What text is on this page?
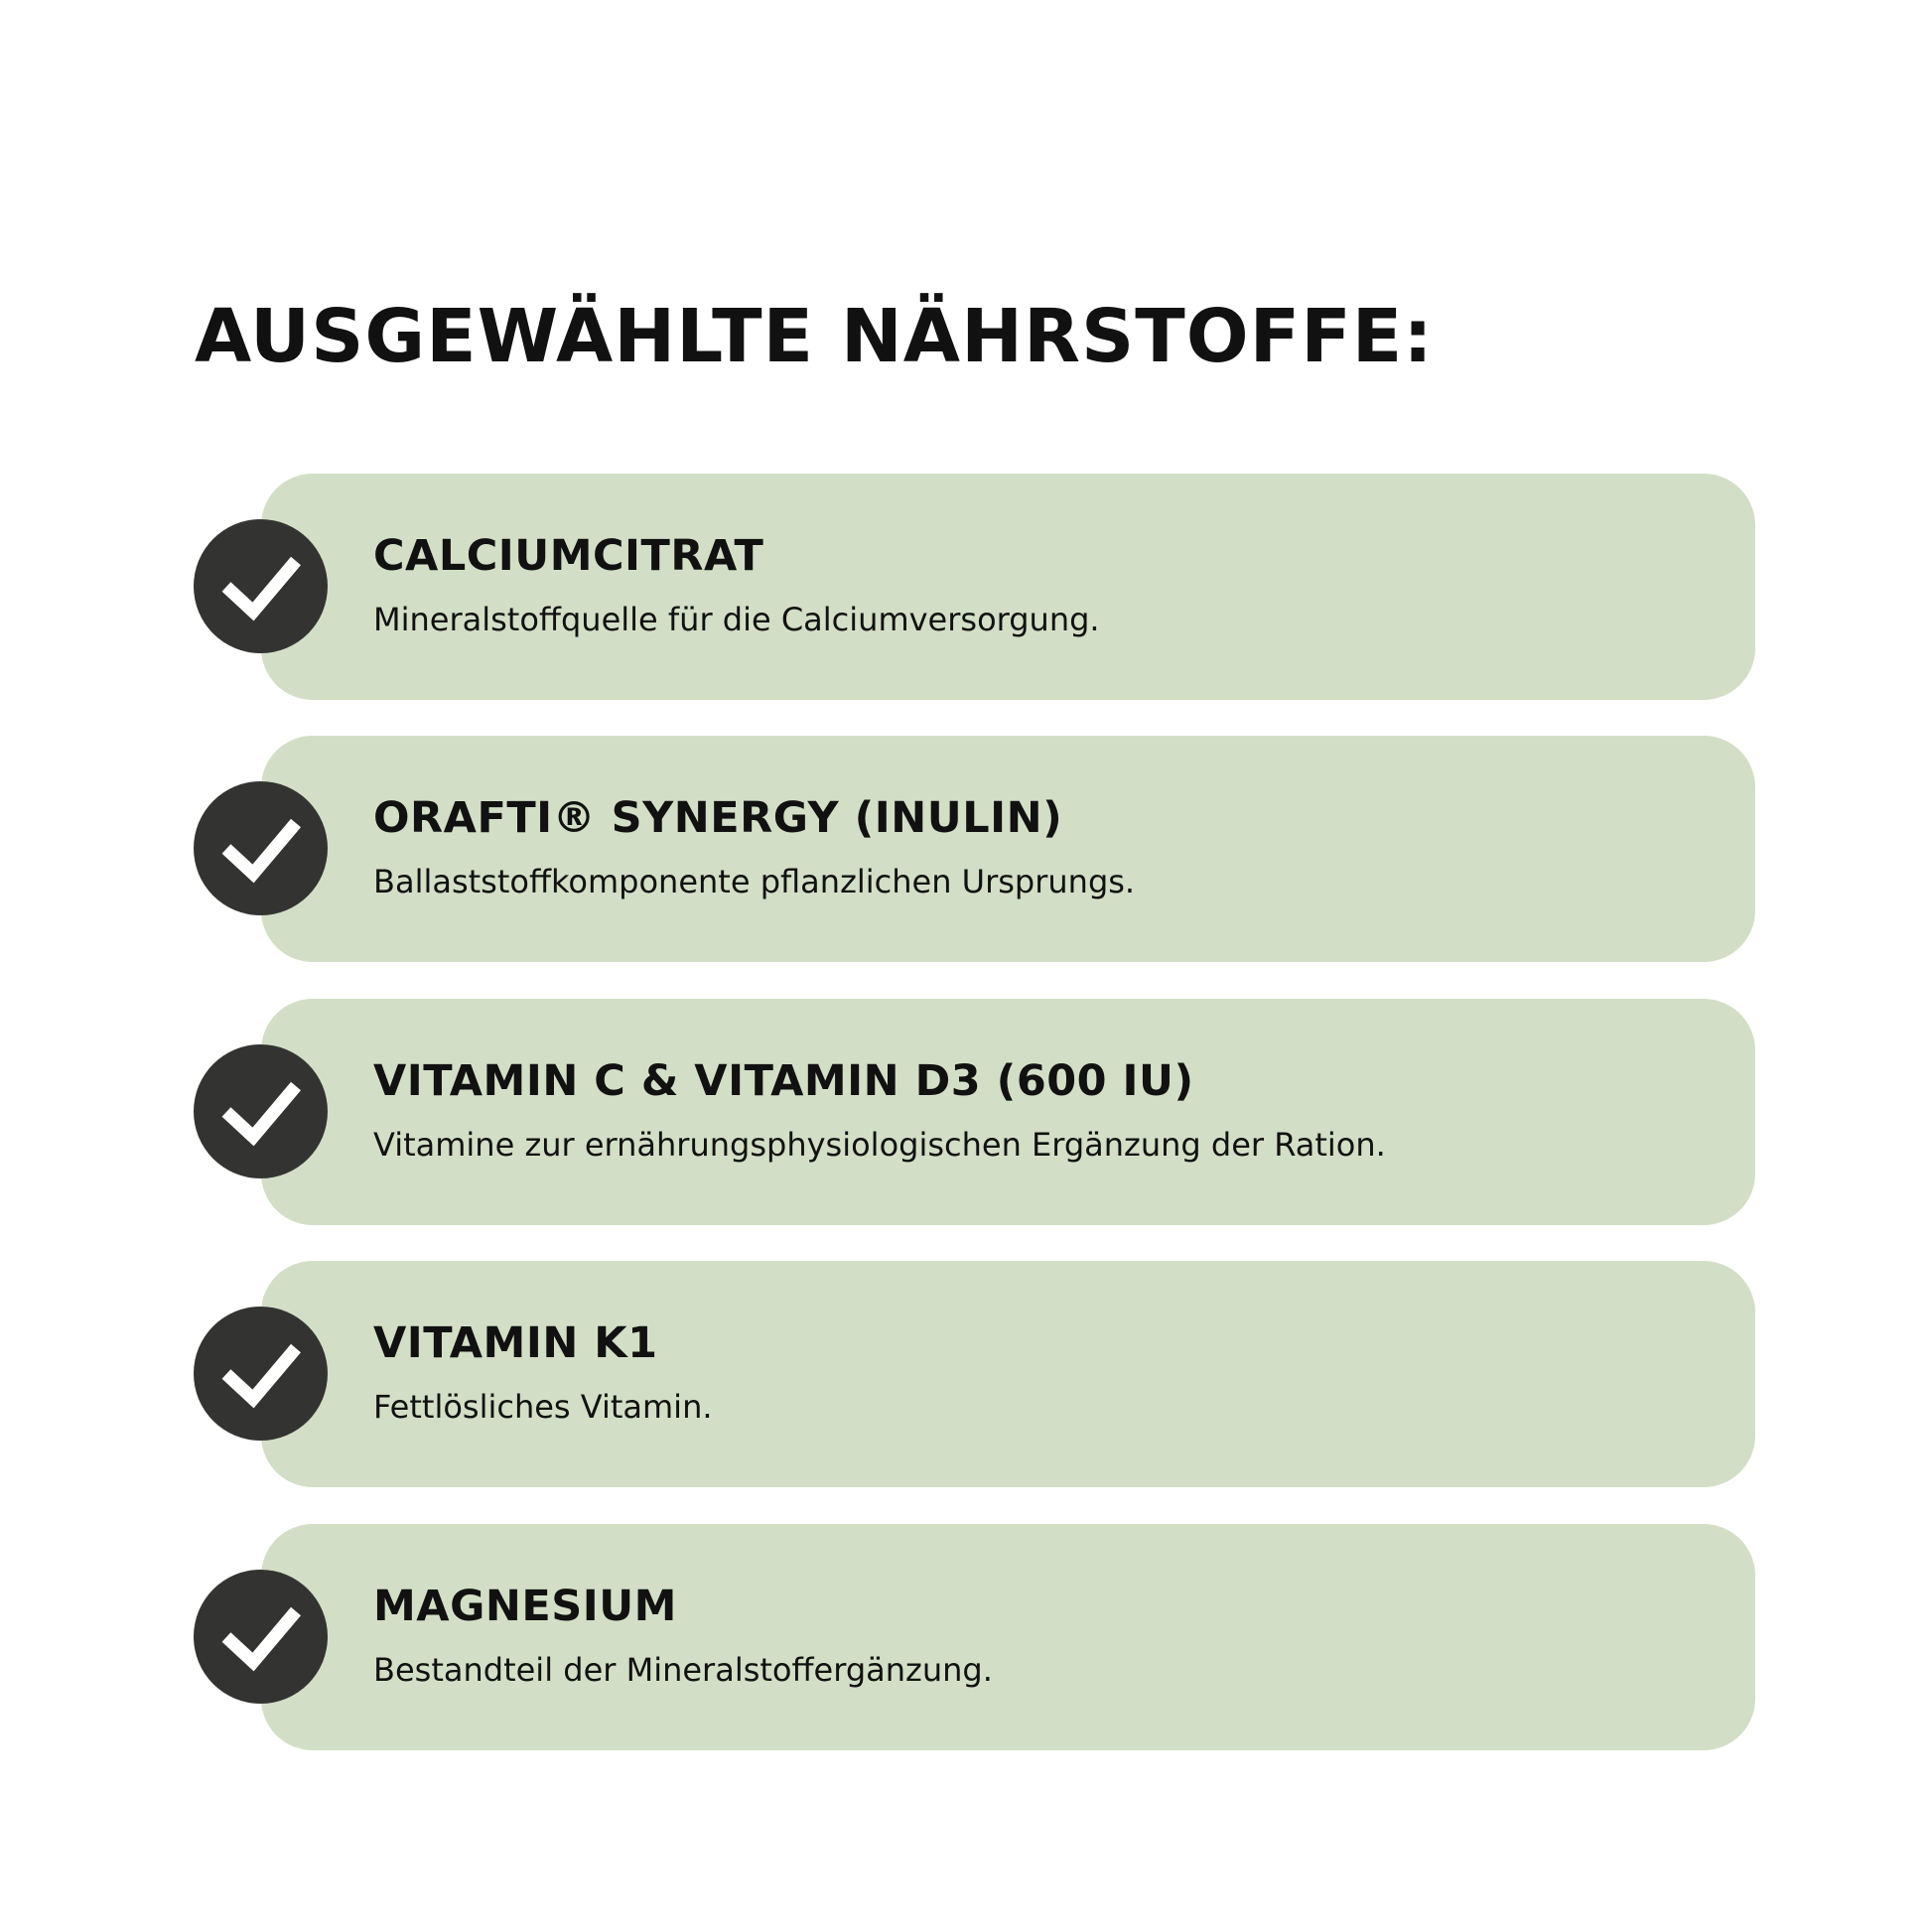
AUSGEWÄHLTE NÄHRSTOFFE:

CALCIUMCITRAT

Mineralstoffquelle für die Calciumversorgung.

ORAFTI® SYNERGY (INULIN)

Ballaststoffkomponente pflanzlichen Ursprungs.

VITAMIN C & VITAMIN D3 (600 IU)

Vitamine zur ernährungsphysiologischen Ergänzung der Ration.

VITAMIN K1

Fettlösliches Vitamin.

MAGNESIUM

Bestandteil der Mineralstoffergänzung.
